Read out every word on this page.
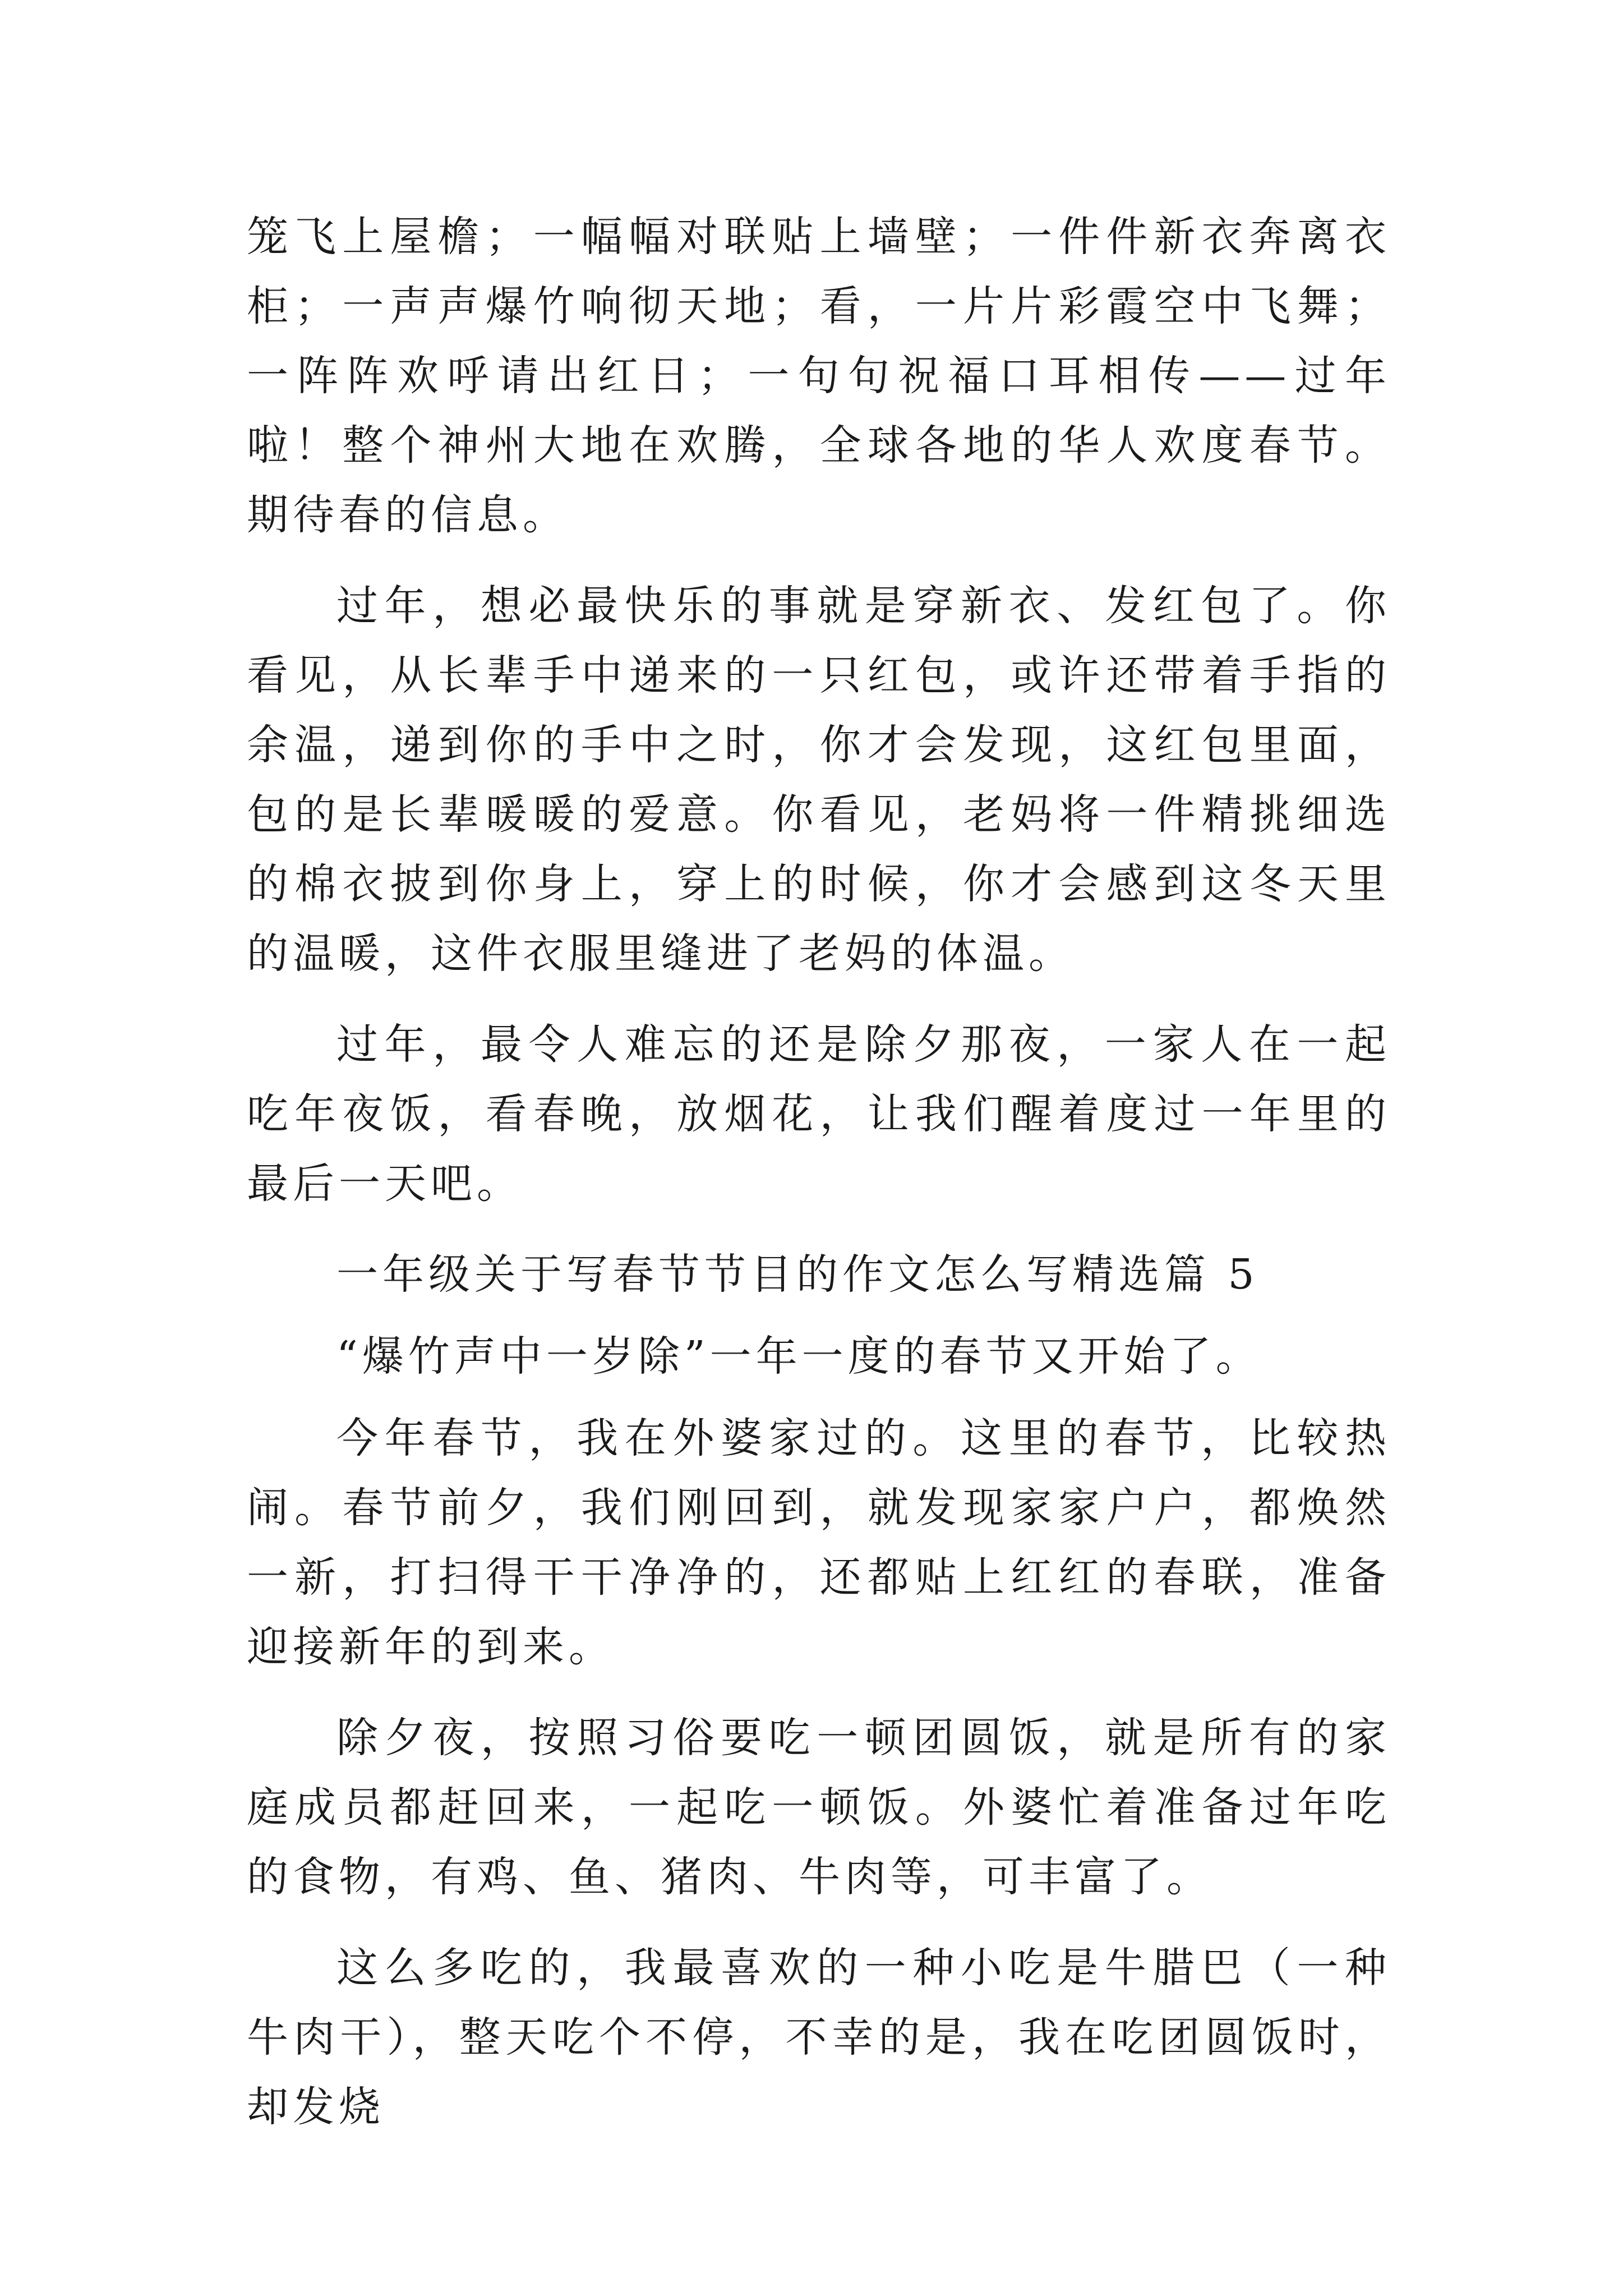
笼飞上屋檐；一幅幅对联贴上墙壁；一件件新衣奔离衣柜；一声声爆竹响彻天地；看，一片片彩霞空中飞舞；一阵阵欢呼请出红日；一句句祝福口耳相传——过年啦！整个神州大地在欢腾，全球各地的华人欢度春节。期待春的信息。

过年，想必最快乐的事就是穿新衣、发红包了。你看见，从长辈手中递来的一只红包，或许还带着手指的余温，递到你的手中之时，你才会发现，这红包里面，包的是长辈暖暖的爱意。你看见，老妈将一件精挑细选的棉衣披到你身上，穿上的时候，你才会感到这冬天里的温暖，这件衣服里缝进了老妈的体温。

过年，最令人难忘的还是除夕那夜，一家人在一起吃年夜饭，看春晚，放烟花，让我们醒着度过一年里的最后一天吧。

一年级关于写春节节目的作文怎么写精选篇 5

“爆竹声中一岁除”一年一度的春节又开始了。

今年春节，我在外婆家过的。这里的春节，比较热闹。春节前夕，我们刚回到，就发现家家户户，都焕然一新，打扫得干干净净的，还都贴上红红的春联，准备迎接新年的到来。

除夕夜，按照习俗要吃一顿团圆饭，就是所有的家庭成员都赶回来，一起吃一顿饭。外婆忙着准备过年吃的食物，有鸡、鱼、猪肉、牛肉等，可丰富了。

这么多吃的，我最喜欢的一种小吃是牛腊巴（一种牛肉干），整天吃个不停，不幸的是，我在吃团圆饭时，却发烧
